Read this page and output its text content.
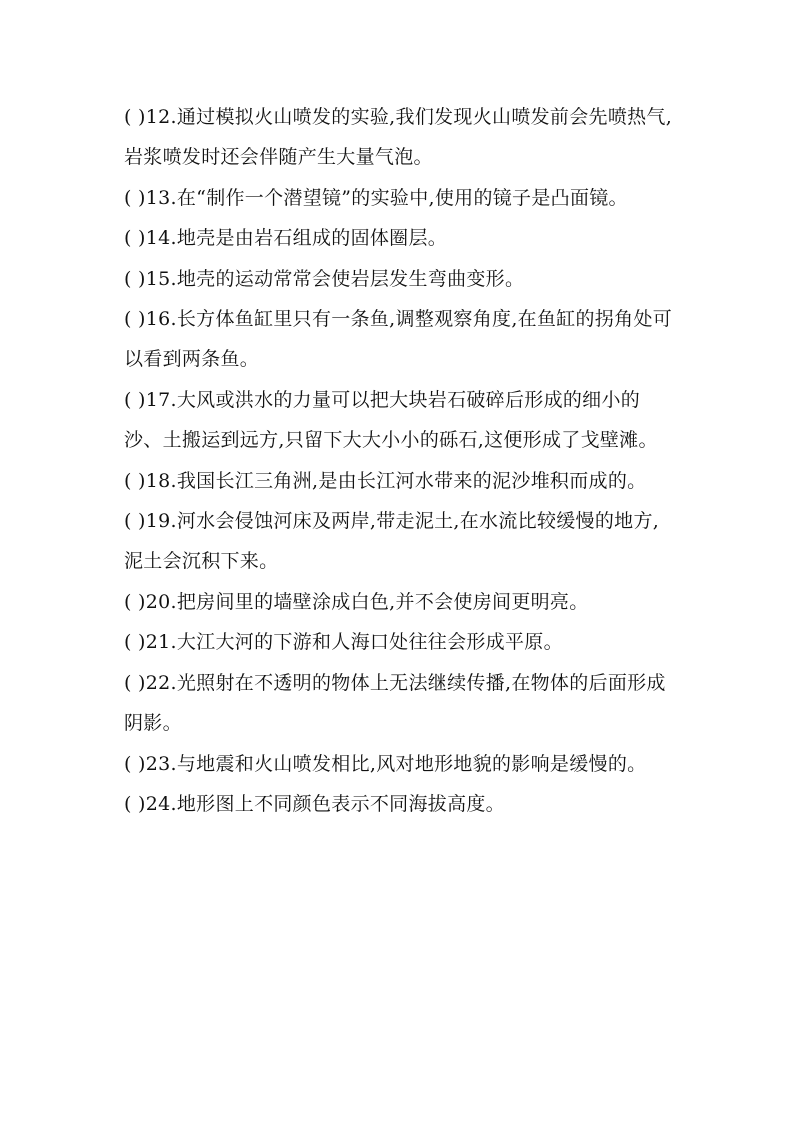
( )12.通过模拟火山喷发的实验,我们发现火山喷发前会先喷热气,岩浆喷发时还会伴随产生大量气泡。
( )13.在“制作一个潜望镜”的实验中,使用的镜子是凸面镜。
( )14.地壳是由岩石组成的固体圈层。
( )15.地壳的运动常常会使岩层发生弯曲变形。
( )16.长方体鱼缸里只有一条鱼,调整观察角度,在鱼缸的拐角处可以看到两条鱼。
( )17.大风或洪水的力量可以把大块岩石破碎后形成的细小的沙、土搬运到远方,只留下大大小小的砾石,这便形成了戈壁滩。
( )18.我国长江三角洲,是由长江河水带来的泥沙堆积而成的。
( )19.河水会侵蚀河床及两岸,带走泥土,在水流比较缓慢的地方,泥土会沉积下来。
( )20.把房间里的墙壁涂成白色,并不会使房间更明亮。
( )21.大江大河的下游和人海口处往往会形成平原。
( )22.光照射在不透明的物体上无法继续传播,在物体的后面形成阴影。
( )23.与地震和火山喷发相比,风对地形地貌的影响是缓慢的。
( )24.地形图上不同颜色表示不同海拔高度。
